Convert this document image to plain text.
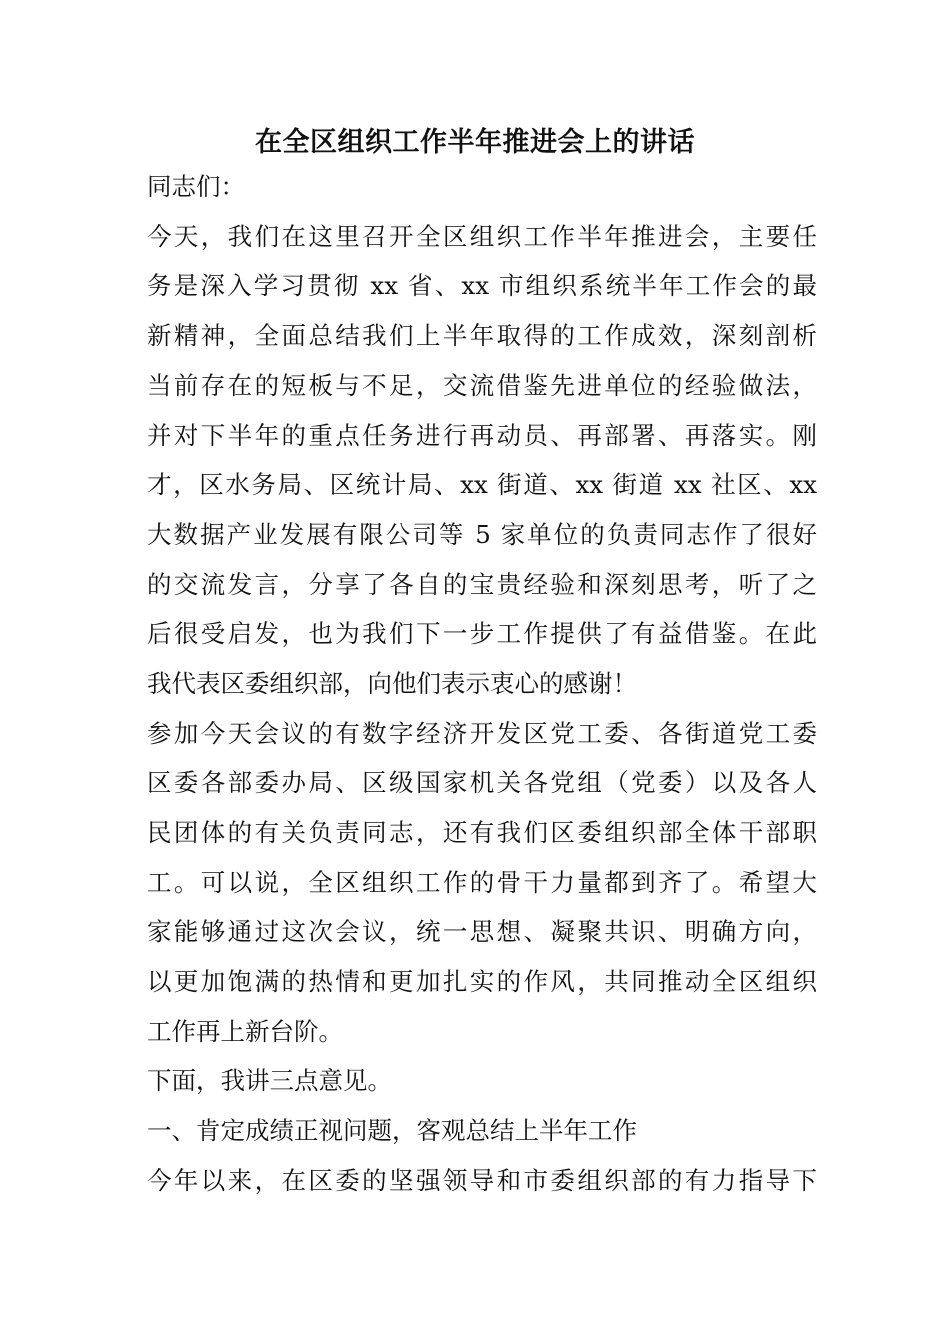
在全区组织工作半年推进会上的讲话
同志们：
今天，我们在这里召开全区组织工作半年推进会，主要任
务是深入学习贯彻 xx 省、xx 市组织系统半年工作会的最
新精神，全面总结我们上半年取得的工作成效，深刻剖析
当前存在的短板与不足，交流借鉴先进单位的经验做法，
并对下半年的重点任务进行再动员、再部署、再落实。刚
才，区水务局、区统计局、xx 街道、xx 街道 xx 社区、xx
大数据产业发展有限公司等 5 家单位的负责同志作了很好
的交流发言，分享了各自的宝贵经验和深刻思考，听了之
后很受启发，也为我们下一步工作提供了有益借鉴。在此
我代表区委组织部，向他们表示衷心的感谢！
参加今天会议的有数字经济开发区党工委、各街道党工委
区委各部委办局、区级国家机关各党组（党委）以及各人
民团体的有关负责同志，还有我们区委组织部全体干部职
工。可以说，全区组织工作的骨干力量都到齐了。希望大
家能够通过这次会议，统一思想、凝聚共识、明确方向，
以更加饱满的热情和更加扎实的作风，共同推动全区组织
工作再上新台阶。
下面，我讲三点意见。
一、肯定成绩正视问题，客观总结上半年工作
今年以来，在区委的坚强领导和市委组织部的有力指导下
